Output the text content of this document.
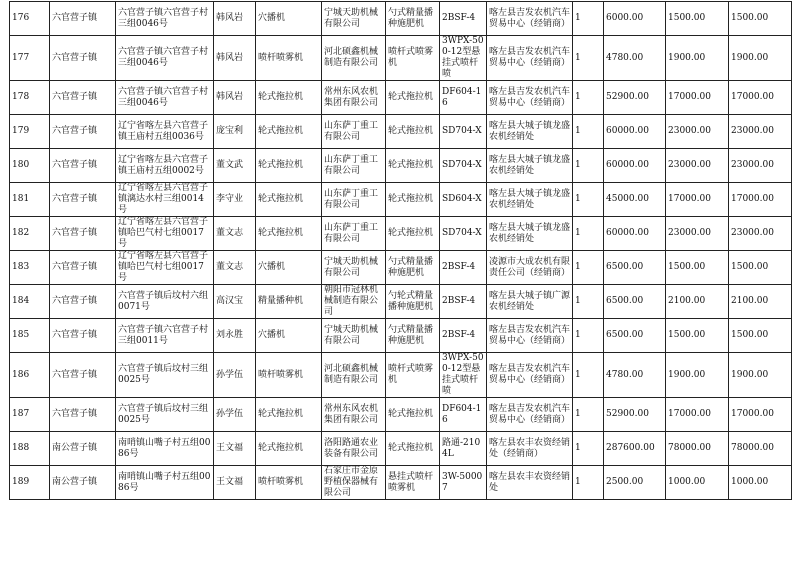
176	六官营子镇	六官营子镇六官营子村三组0046号	韩风岩	穴播机	宁城天助机械有限公司	勺式精量播种施肥机	2BSF-4	喀左县吉发农机汽车贸易中心（经销商）	1	6000.00	1500.00	1500.00
177	六官营子镇	六官营子镇六官营子村三组0046号	韩风岩	喷杆喷雾机	河北硕鑫机械制造有限公司	喷杆式喷雾机	3WPX-500-12型悬挂式喷杆喷	喀左县吉发农机汽车贸易中心（经销商）	1	4780.00	1900.00	1900.00
178	六官营子镇	六官营子镇六官营子村三组0046号	韩风岩	轮式拖拉机	常州东风农机集团有限公司	轮式拖拉机	DF604-16	喀左县吉发农机汽车贸易中心（经销商）	1	52900.00	17000.00	17000.00
179	六官营子镇	辽宁省喀左县六官营子镇王庙村五组0036号	庞宝利	轮式拖拉机	山东萨丁重工有限公司	轮式拖拉机	SD704-X	喀左县大城子镇龙盛农机经销处	1	60000.00	23000.00	23000.00
180	六官营子镇	辽宁省喀左县六官营子镇王庙村五组0002号	董文武	轮式拖拉机	山东萨丁重工有限公司	轮式拖拉机	SD704-X	喀左县大城子镇龙盛农机经销处	1	60000.00	23000.00	23000.00
181	六官营子镇	辽宁省喀左县六官营子镇漓达水村三组0014号	李守业	轮式拖拉机	山东萨丁重工有限公司	轮式拖拉机	SD604-X	喀左县大城子镇龙盛农机经销处	1	45000.00	17000.00	17000.00
182	六官营子镇	辽宁省喀左县六官营子镇哈巴气村七组0017号	董文志	轮式拖拉机	山东萨丁重工有限公司	轮式拖拉机	SD704-X	喀左县大城子镇龙盛农机经销处	1	60000.00	23000.00	23000.00
183	六官营子镇	辽宁省喀左县六官营子镇哈巴气村七组0017号	董文志	穴播机	宁城天助机械有限公司	勺式精量播种施肥机	2BSF-4	凌源市大成农机有限责任公司（经销商）	1	6500.00	1500.00	1500.00
184	六官营子镇	六官营子镇后坟村六组0071号	高汉宝	精量播种机	朝阳市冠林机械制造有限公司	勺轮式精量播种施肥机	2BSF-4	喀左县大城子镇广源农机经销处	1	6500.00	2100.00	2100.00
185	六官营子镇	六官营子镇六官营子村三组0011号	刘永胜	穴播机	宁城天助机械有限公司	勺式精量播种施肥机	2BSF-4	喀左县吉发农机汽车贸易中心（经销商）	1	6500.00	1500.00	1500.00
186	六官营子镇	六官营子镇后坟村三组0025号	孙学伍	喷杆喷雾机	河北硕鑫机械制造有限公司	喷杆式喷雾机	3WPX-500-12型悬挂式喷杆喷	喀左县吉发农机汽车贸易中心（经销商）	1	4780.00	1900.00	1900.00
187	六官营子镇	六官营子镇后坟村三组0025号	孙学伍	轮式拖拉机	常州东风农机集团有限公司	轮式拖拉机	DF604-16	喀左县吉发农机汽车贸易中心（经销商）	1	52900.00	17000.00	17000.00
188	南公营子镇	南哨镇山嘴子村五组0086号	王文福	轮式拖拉机	洛阳路通农业装备有限公司	轮式拖拉机	路通-2104L	喀左县农丰农资经销处（经销商）	1	287600.00	78000.00	78000.00
189	南公营子镇	南哨镇山嘴子村五组0086号	王文福	喷杆喷雾机	石家庄市金原野植保器械有限公司	悬挂式喷杆喷雾机	3W-50007	喀左县农丰农资经销处	1	2500.00	1000.00	1000.00
